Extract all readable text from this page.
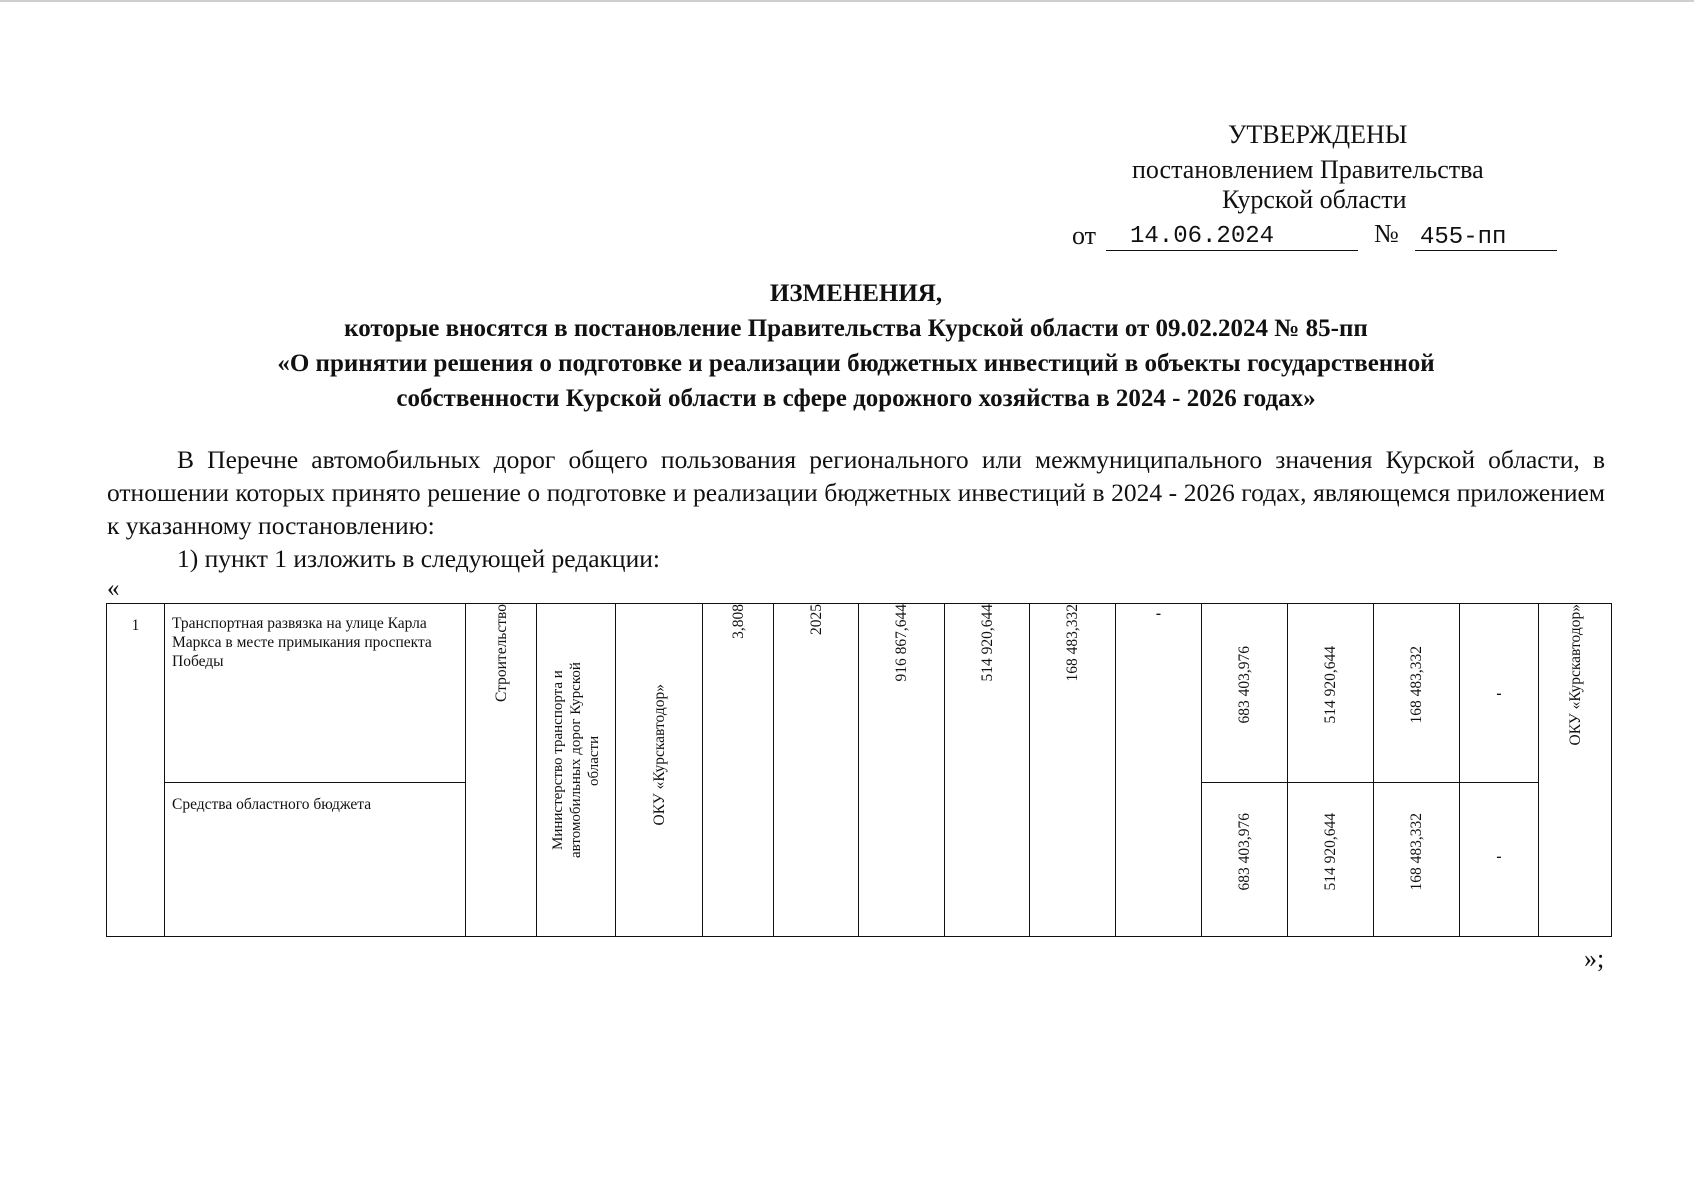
УТВЕРЖДЕНЫ
постановлением Правительства
Курской области
от 14.06.2024	№ 455-пп
ИЗМЕНЕНИЯ,
которые вносятся в постановление Правительства Курской области от 09.02.2024 № 85-пп
«О принятии решения о подготовке и реализации бюджетных инвестиций в объекты государственной
собственности Курской области в сфере дорожного хозяйства в 2024 - 2026 годах»
В Перечне автомобильных дорог общего пользования регионального или межмуниципального значения Курской области, в отношении которых принято решение о подготовке и реализации бюджетных инвестиций в 2024 - 2026 годах, являющемся приложением к указанному постановлению:
1) пункт 1 изложить в следующей редакции:
«
»;
1	Транспортная развязка на улице Карла Маркса в месте примыкания проспекта Победы	Строительство	Министерство транспорта и автомобильных дорог Курской области	ОКУ «Курскавтодор»	3,808	2025	916 867,644	514 920,644	168 483,332	-	683 403,976	514 920,644	168 483,332	-	ОКУ «Курскавтодор»

	Средства областного бюджета										683 403,976	514 920,644	168 483,332	-	
